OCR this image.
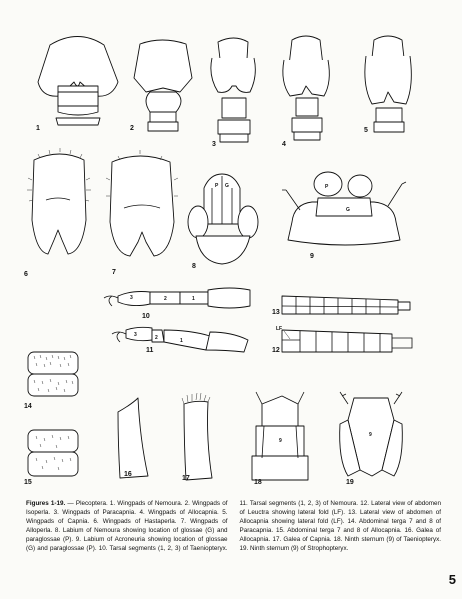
1	2
3	4
5
6	7
P G
8
P
G
9
3	2	1
10
3	2	1
11
13
LF
12
14
15
16
17
9
18
9
19
Figures 1-19. — Plecoptera. 1. Wingpads of Nemoura. 2. Wingpads of Isoperla. 3. Wingpads of Paracapnia. 4. Wingpads of Allocapnia. 5. Wingpads of Capnia. 6. Wingpads of Hastaperla. 7. Wingpads of Alloperla. 8. Labium of Nemoura showing location of glossae (G) and paraglossae (P). 9. Labium of Acroneuria showing location of glossae (G) and paraglossae (P). 10. Tarsal segments (1, 2, 3) of Taeniopteryx. 11. Tarsal segments (1, 2, 3) of Nemoura. 12. Lateral view of abdomen of Leuctra showing lateral fold (LF). 13. Lateral view of abdomen of Allocapnia showing lateral fold (LF). 14. Abdominal terga 7 and 8 of Paracapnia. 15. Abdominal terga 7 and 8 of Allocapnia. 16. Galea of Allocapnia. 17. Galea of Capnia. 18. Ninth sternum (9) of Taeniopteryx. 19. Ninth sternum (9) of Strophopteryx.
5
